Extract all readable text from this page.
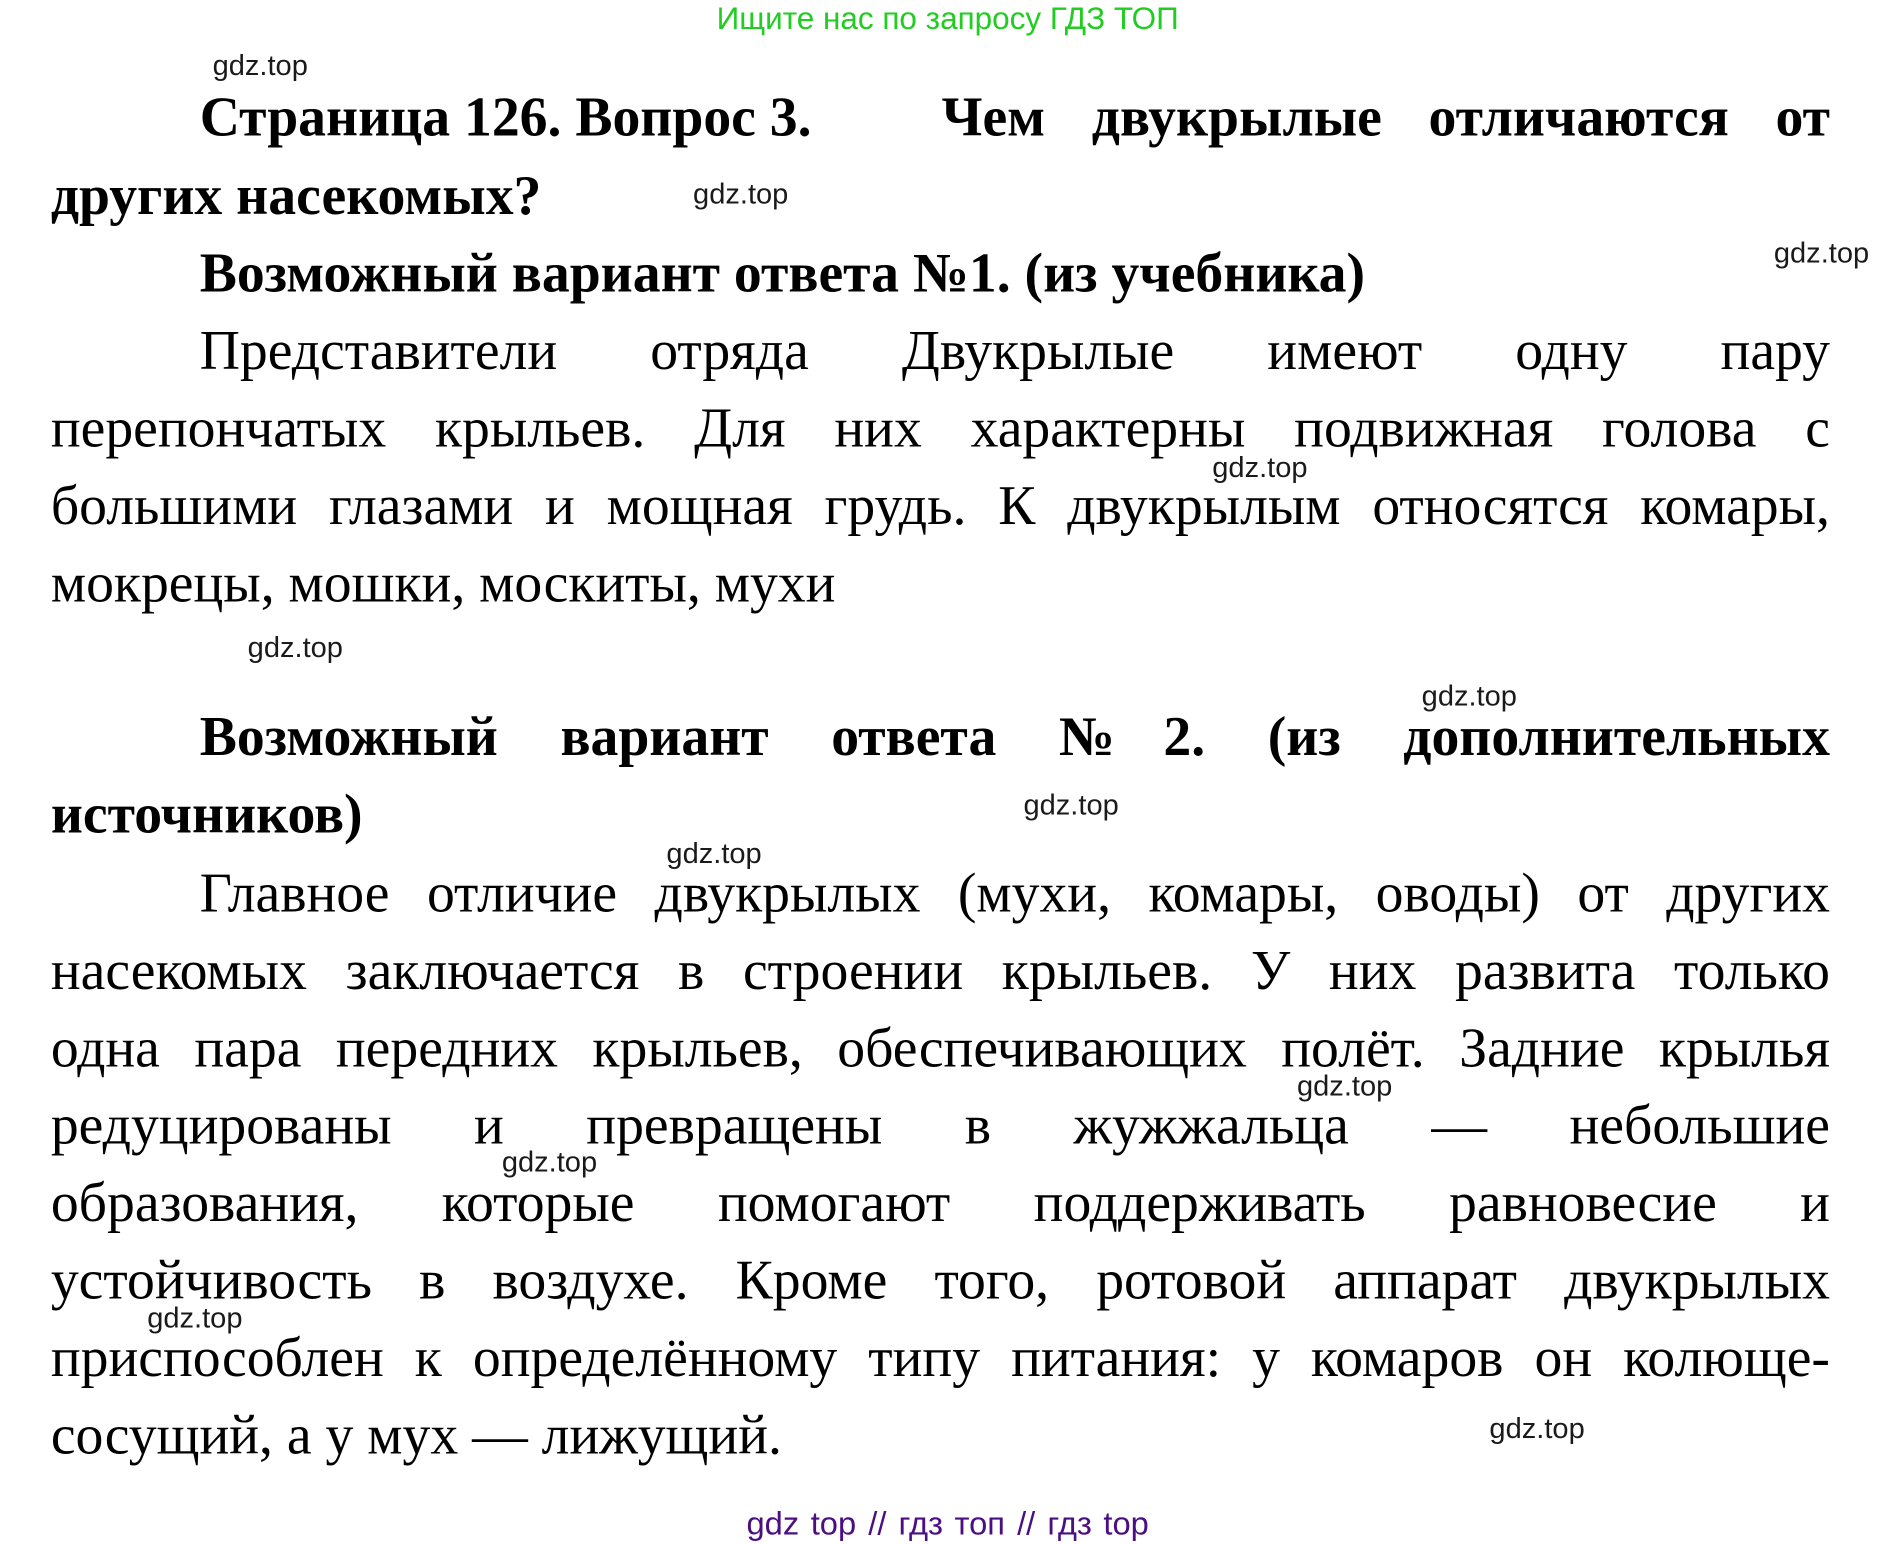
Ищите нас по запросу ГДЗ ТОП
Страница 126. Вопрос 3.	Чем двукрылые отличаются от
других насекомых?
Возможный вариант ответа №1. (из учебника)
Представители отряда Двукрылые имеют одну пару
перепончатых крыльев. Для них характерны подвижная голова с
большими глазами и мощная грудь. К двукрылым относятся комары,
мокрецы, мошки, москиты, мухи
Возможный вариант ответа №2. (из дополнительных
источников)
Главное отличие двукрылых (мухи, комары, оводы) от других
насекомых заключается в строении крыльев. У них развита только
одна пара передних крыльев, обеспечивающих полёт. Задние крылья
редуцированы и превращены в жужжальца — небольшие
образования, которые помогают поддерживать равновесие и
устойчивость в воздухе. Кроме того, ротовой аппарат двукрылых
приспособлен к определённому типу питания: у комаров он колюще-
сосущий, а у мух — лижущий.
gdz.top
gdz.top
gdz.top
gdz.top
gdz.top
gdz.top
gdz.top
gdz.top
gdz.top
gdz.top
gdz.top
gdz.top
gdz top // гдз топ // гдз top
